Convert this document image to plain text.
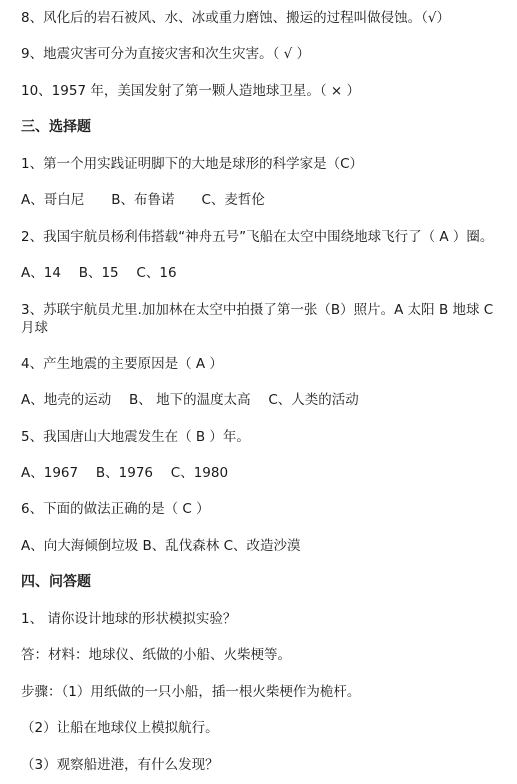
8、风化后的岩石被风、水、冰或重力磨蚀、搬运的过程叫做侵蚀。（√）
9、地震灾害可分为直接灾害和次生灾害。（ √ ）
10、1957 年，美国发射了第一颗人造地球卫星。（ × ）
三、选择题
1、第一个用实践证明脚下的大地是球形的科学家是（C）
A、哥白尼　　B、布鲁诺　　C、麦哲伦
2、我国宇航员杨利伟搭载“神舟五号”飞船在太空中围绕地球飞行了（ A ）圈。
A、14　 B、15　 C、16
3、苏联宇航员尤里.加加林在太空中拍摄了第一张（B）照片。A 太阳 B 地球 C 月球
4、产生地震的主要原因是（ A ）
A、地壳的运动　 B、 地下的温度太高　 C、人类的活动
5、我国唐山大地震发生在（ B ）年。
A、1967　 B、1976　 C、1980
6、下面的做法正确的是（ C ）
A、向大海倾倒垃圾 B、乱伐森林 C、改造沙漠
四、问答题
1、 请你设计地球的形状模拟实验？
答：材料：地球仪、纸做的小船、火柴梗等。
步骤：（1）用纸做的一只小船，插一根火柴梗作为桅杆。
（2）让船在地球仪上模拟航行。
（3）观察船进港，有什么发现？
